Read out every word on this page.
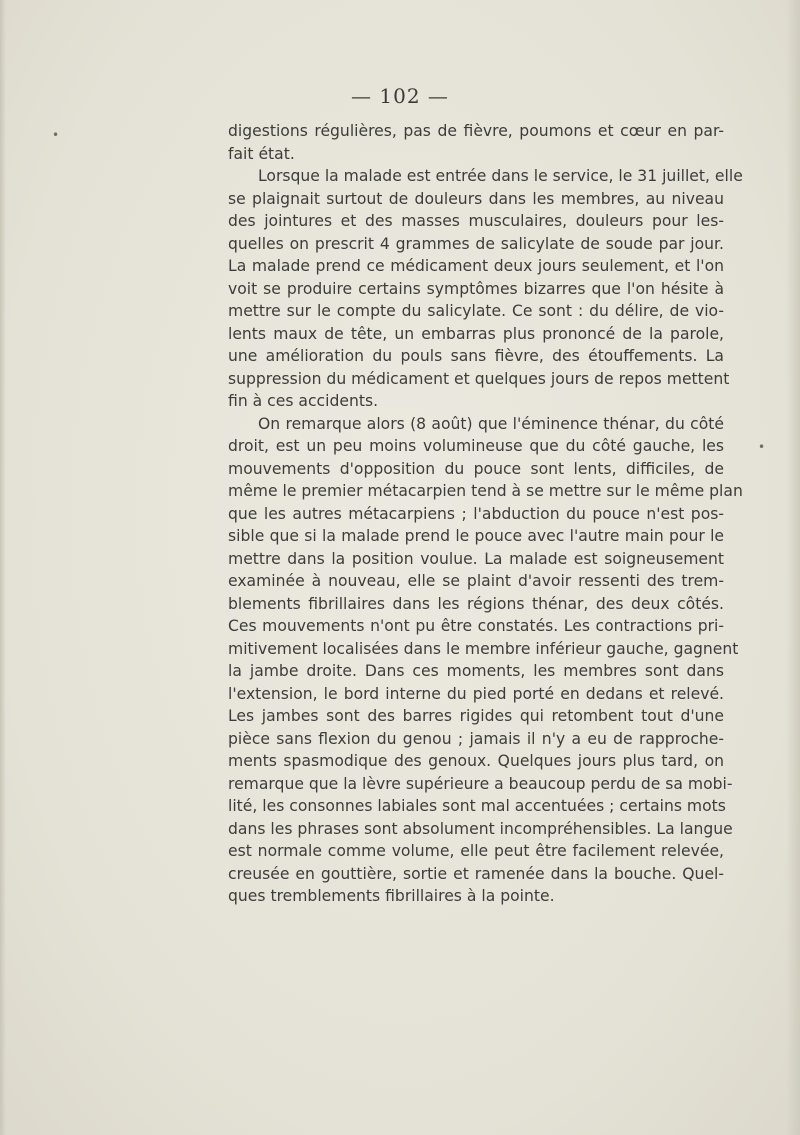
— 102 —
digestions régulières, pas de fièvre, poumons et cœur en par-
fait état.
Lorsque la malade est entrée dans le service, le 31 juillet, elle
se plaignait surtout de douleurs dans les membres, au niveau
des jointures et des masses musculaires, douleurs pour les-
quelles on prescrit 4 grammes de salicylate de soude par jour.
La malade prend ce médicament deux jours seulement, et l'on
voit se produire certains symptômes bizarres que l'on hésite à
mettre sur le compte du salicylate. Ce sont : du délire, de vio-
lents maux de tête, un embarras plus prononcé de la parole,
une amélioration du pouls sans fièvre, des étouffements. La
suppression du médicament et quelques jours de repos mettent
fin à ces accidents.
On remarque alors (8 août) que l'éminence thénar, du côté
droit, est un peu moins volumineuse que du côté gauche, les
mouvements d'opposition du pouce sont lents, difficiles, de
même le premier métacarpien tend à se mettre sur le même plan
que les autres métacarpiens ; l'abduction du pouce n'est pos-
sible que si la malade prend le pouce avec l'autre main pour le
mettre dans la position voulue. La malade est soigneusement
examinée à nouveau, elle se plaint d'avoir ressenti des trem-
blements fibrillaires dans les régions thénar, des deux côtés.
Ces mouvements n'ont pu être constatés. Les contractions pri-
mitivement localisées dans le membre inférieur gauche, gagnent
la jambe droite. Dans ces moments, les membres sont dans
l'extension, le bord interne du pied porté en dedans et relevé.
Les jambes sont des barres rigides qui retombent tout d'une
pièce sans flexion du genou ; jamais il n'y a eu de rapproche-
ments spasmodique des genoux. Quelques jours plus tard, on
remarque que la lèvre supérieure a beaucoup perdu de sa mobi-
lité, les consonnes labiales sont mal accentuées ; certains mots
dans les phrases sont absolument incompréhensibles. La langue
est normale comme volume, elle peut être facilement relevée,
creusée en gouttière, sortie et ramenée dans la bouche. Quel-
ques tremblements fibrillaires à la pointe.
•
•
